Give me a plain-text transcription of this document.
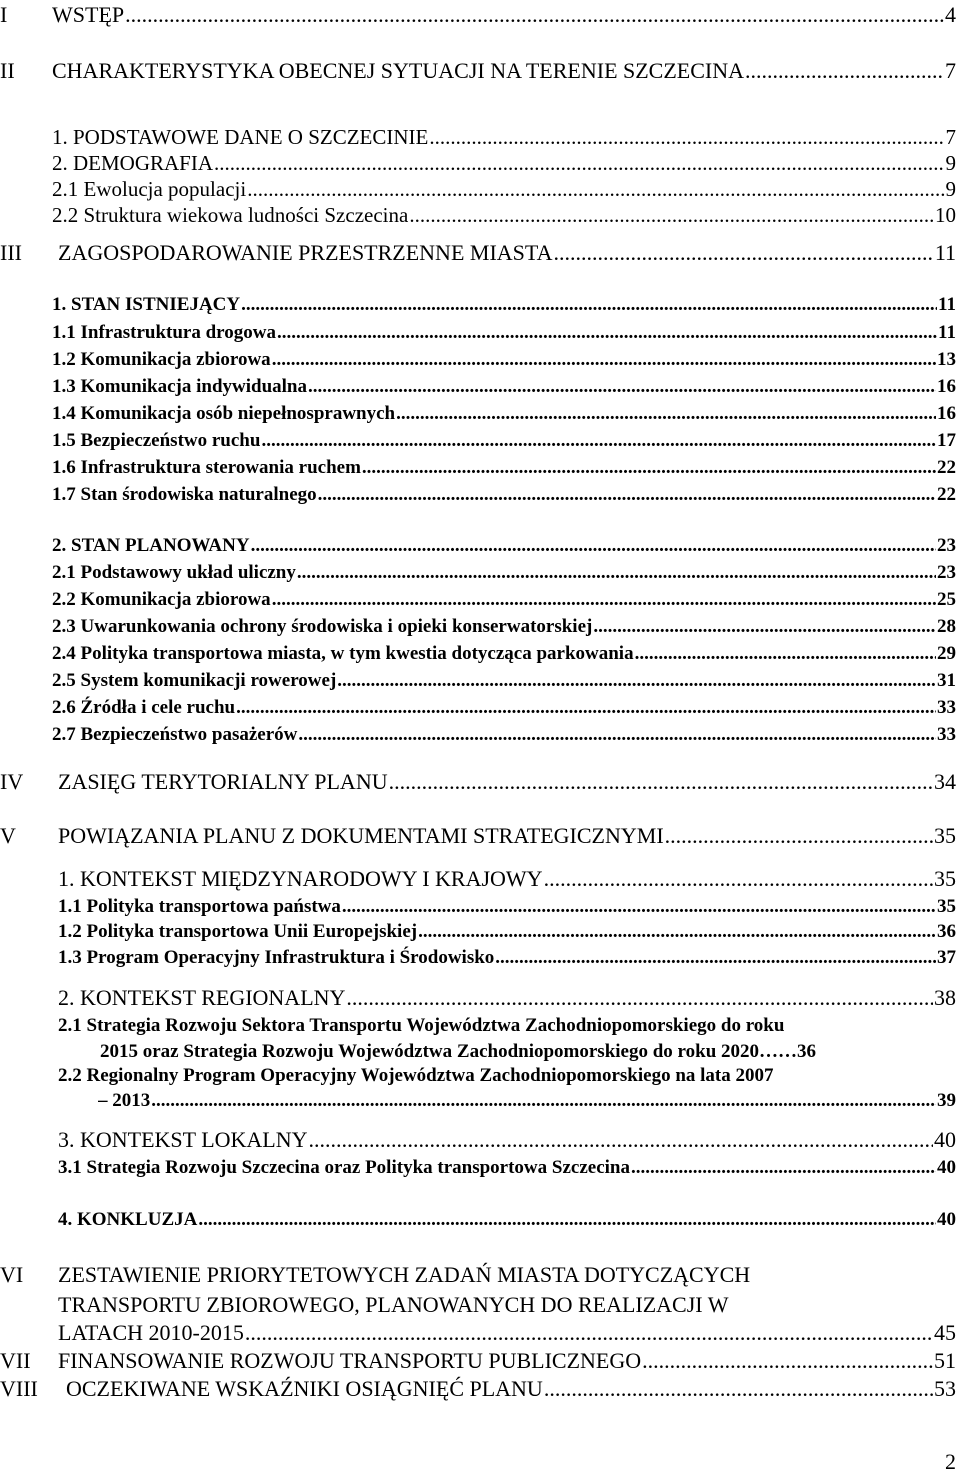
I WSTĘP .....	4
II CHARAKTERYSTYKA OBECNEJ SYTUACJI NA TERENIE SZCZECINA .....	7
1. PODSTAWOWE DANE O SZCZECINIE .....	7
2. DEMOGRAFIA .....	9
2.1 Ewolucja populacji .....	9
2.2 Struktura wiekowa ludności Szczecina .....	10
III ZAGOSPODAROWANIE PRZESTRZENNE MIASTA .....	11
1. STAN ISTNIEJĄCY .....	11
1.1 Infrastruktura drogowa .....	11
1.2 Komunikacja zbiorowa .....	13
1.3 Komunikacja indywidualna .....	16
1.4 Komunikacja osób niepełnosprawnych .....	16
1.5 Bezpieczeństwo ruchu .....	17
1.6 Infrastruktura sterowania ruchem .....	22
1.7 Stan środowiska naturalnego .....	22
2. STAN PLANOWANY .....	23
2.1 Podstawowy układ uliczny .....	23
2.2 Komunikacja zbiorowa .....	25
2.3 Uwarunkowania ochrony środowiska i opieki konserwatorskiej .....	28
2.4 Polityka transportowa miasta, w tym kwestia dotycząca parkowania .....	29
2.5 System komunikacji rowerowej .....	31
2.6 Źródła i cele ruchu .....	33
2.7 Bezpieczeństwo pasażerów .....	33
IV ZASIĘG TERYTORIALNY PLANU .....	34
V POWIĄZANIA PLANU Z DOKUMENTAMI STRATEGICZNYMI .....	35
1. KONTEKST MIĘDZYNARODOWY I KRAJOWY .....	35
1.1 Polityka transportowa państwa .....	35
1.2 Polityka transportowa Unii Europejskiej .....	36
1.3 Program Operacyjny Infrastruktura i Środowisko .....	37
2. KONTEKST REGIONALNY .....	38
2.1 Strategia Rozwoju Sektora Transportu Województwa Zachodniopomorskiego do roku
2015 oraz Strategia Rozwoju Województwa Zachodniopomorskiego do roku 2020 …… 36
2.2 Regionalny Program Operacyjny Województwa Zachodniopomorskiego na lata 2007
– 2013 .....	39
3. KONTEKST LOKALNY .....	40
3.1 Strategia Rozwoju Szczecina oraz Polityka transportowa Szczecina .....	40
4. KONKLUZJA .....	40
VI ZESTAWIENIE PRIORYTETOWYCH ZADAŃ MIASTA DOTYCZĄCYCH
TRANSPORTU ZBIOROWEGO, PLANOWANYCH DO REALIZACJI W
LATACH 2010-2015 .....	45
VII FINANSOWANIE ROZWOJU TRANSPORTU PUBLICZNEGO .....	51
VIII OCZEKIWANE WSKAŹNIKI OSIĄGNIĘĆ PLANU .....	53
2
